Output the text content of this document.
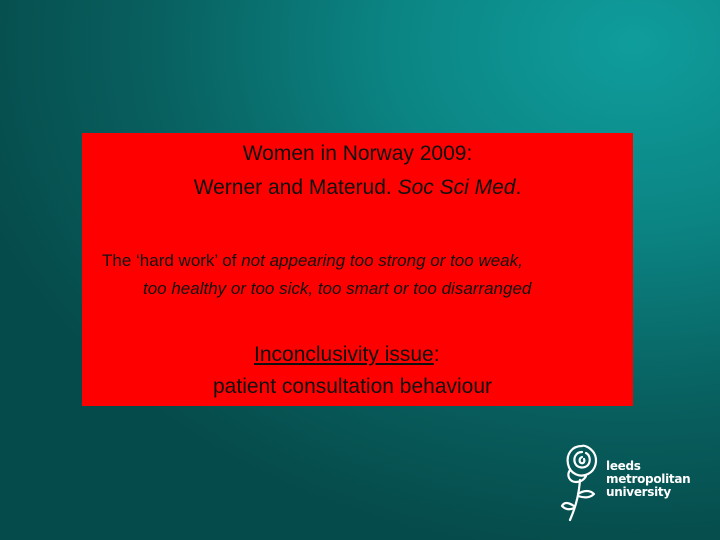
Women in Norway 2009:
Werner and Materud. Soc Sci Med.
The ‘hard work’ of not appearing too strong or too weak,
too healthy or too sick, too smart or too disarranged
Inconclusivity issue:
patient consultation behaviour
leeds
metropolitan
university
